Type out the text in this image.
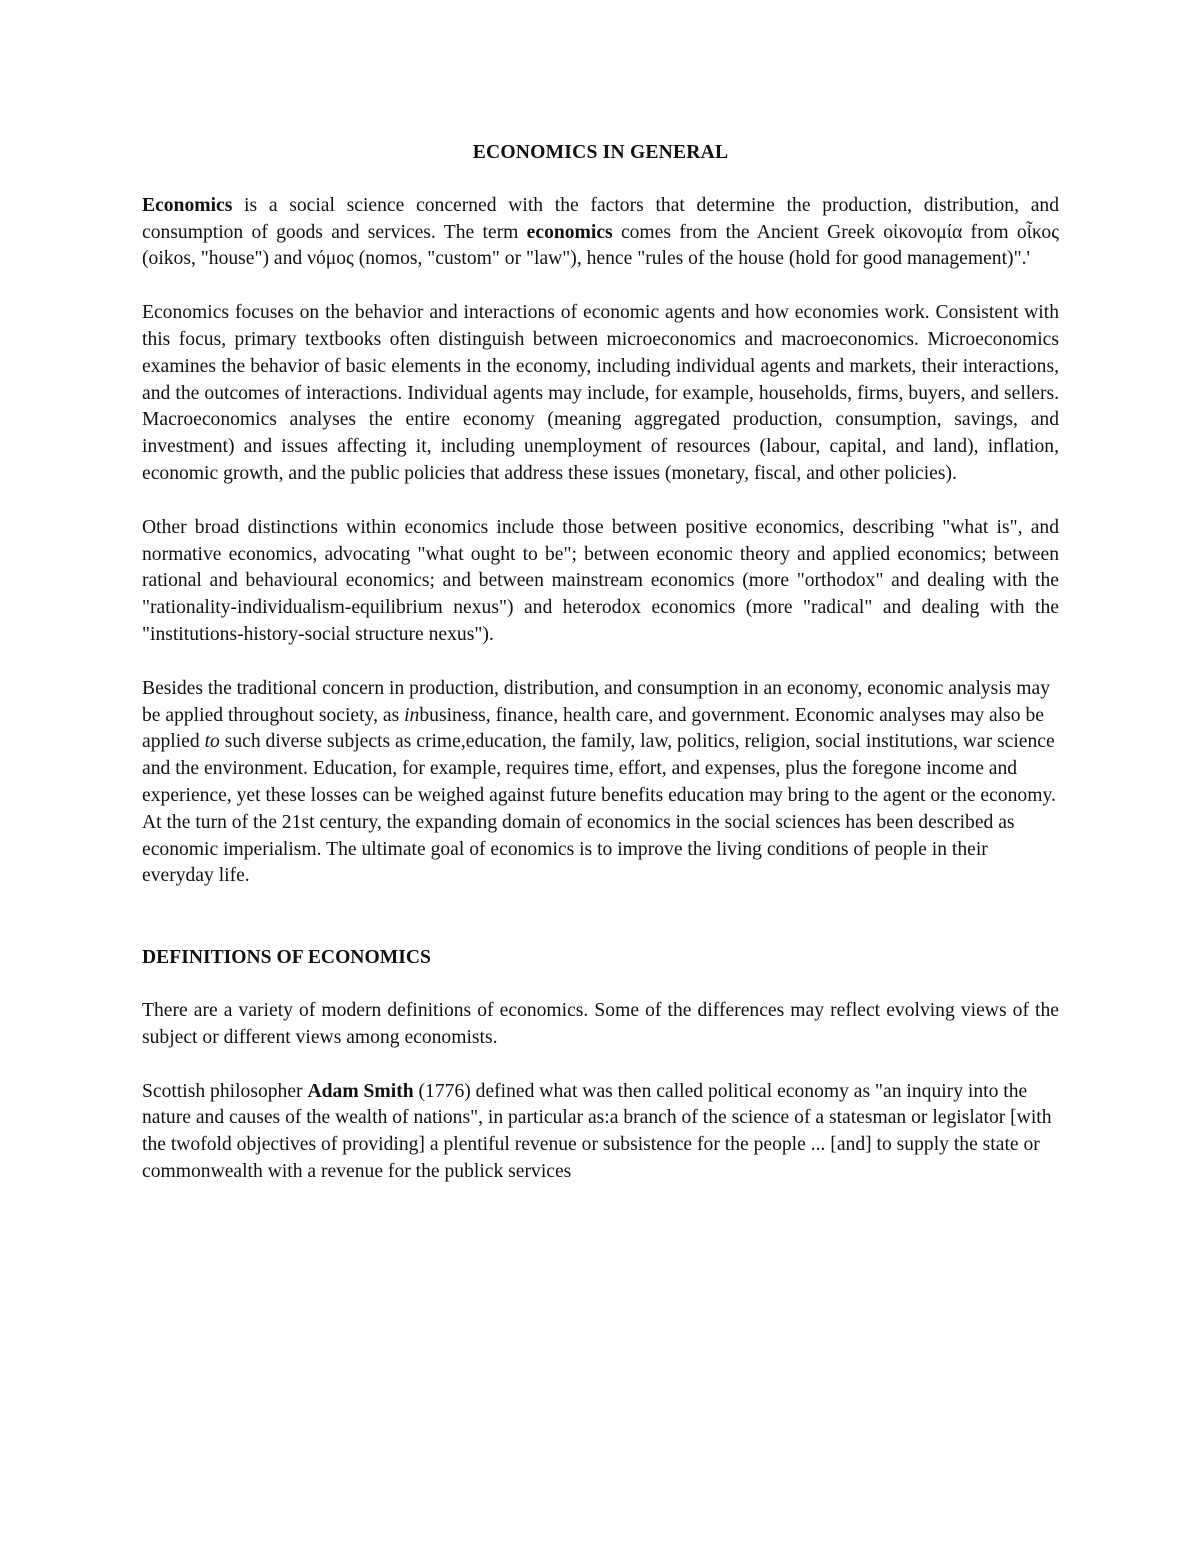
ECONOMICS IN GENERAL

Economics is a social science concerned with the factors that determine the production, distribution, and consumption of goods and services. The term economics comes from the Ancient Greek οἰκονομία from οἶκος (oikos, "house") and νόμος (nomos, "custom" or "law"), hence "rules of the house (hold for good management)".'

Economics focuses on the behavior and interactions of economic agents and how economies work. Consistent with this focus, primary textbooks often distinguish between microeconomics and macroeconomics. Microeconomics examines the behavior of basic elements in the economy, including individual agents and markets, their interactions, and the outcomes of interactions. Individual agents may include, for example, households, firms, buyers, and sellers. Macroeconomics analyses the entire economy (meaning aggregated production, consumption, savings, and investment) and issues affecting it, including unemployment of resources (labour, capital, and land), inflation, economic growth, and the public policies that address these issues (monetary, fiscal, and other policies).

Other broad distinctions within economics include those between positive economics, describing "what is", and normative economics, advocating "what ought to be"; between economic theory and applied economics; between rational and behavioural economics; and between mainstream economics (more "orthodox" and dealing with the "rationality-individualism-equilibrium nexus") and heterodox economics (more "radical" and dealing with the "institutions-history-social structure nexus").

Besides the traditional concern in production, distribution, and consumption in an economy, economic analysis may be applied throughout society, as inbusiness, finance, health care, and government. Economic analyses may also be applied to such diverse subjects as crime,education, the family, law, politics, religion, social institutions, war science and the environment. Education, for example, requires time, effort, and expenses, plus the foregone income and experience, yet these losses can be weighed against future benefits education may bring to the agent or the economy. At the turn of the 21st century, the expanding domain of economics in the social sciences has been described as economic imperialism. The ultimate goal of economics is to improve the living conditions of people in their everyday life.

DEFINITIONS OF ECONOMICS

There are a variety of modern definitions of economics. Some of the differences may reflect evolving views of the subject or different views among economists.

Scottish philosopher Adam Smith (1776) defined what was then called political economy as "an inquiry into the nature and causes of the wealth of nations", in particular as:a branch of the science of a statesman or legislator [with the twofold objectives of providing] a plentiful revenue or subsistence for the people ... [and] to supply the state or commonwealth with a revenue for the publick services
